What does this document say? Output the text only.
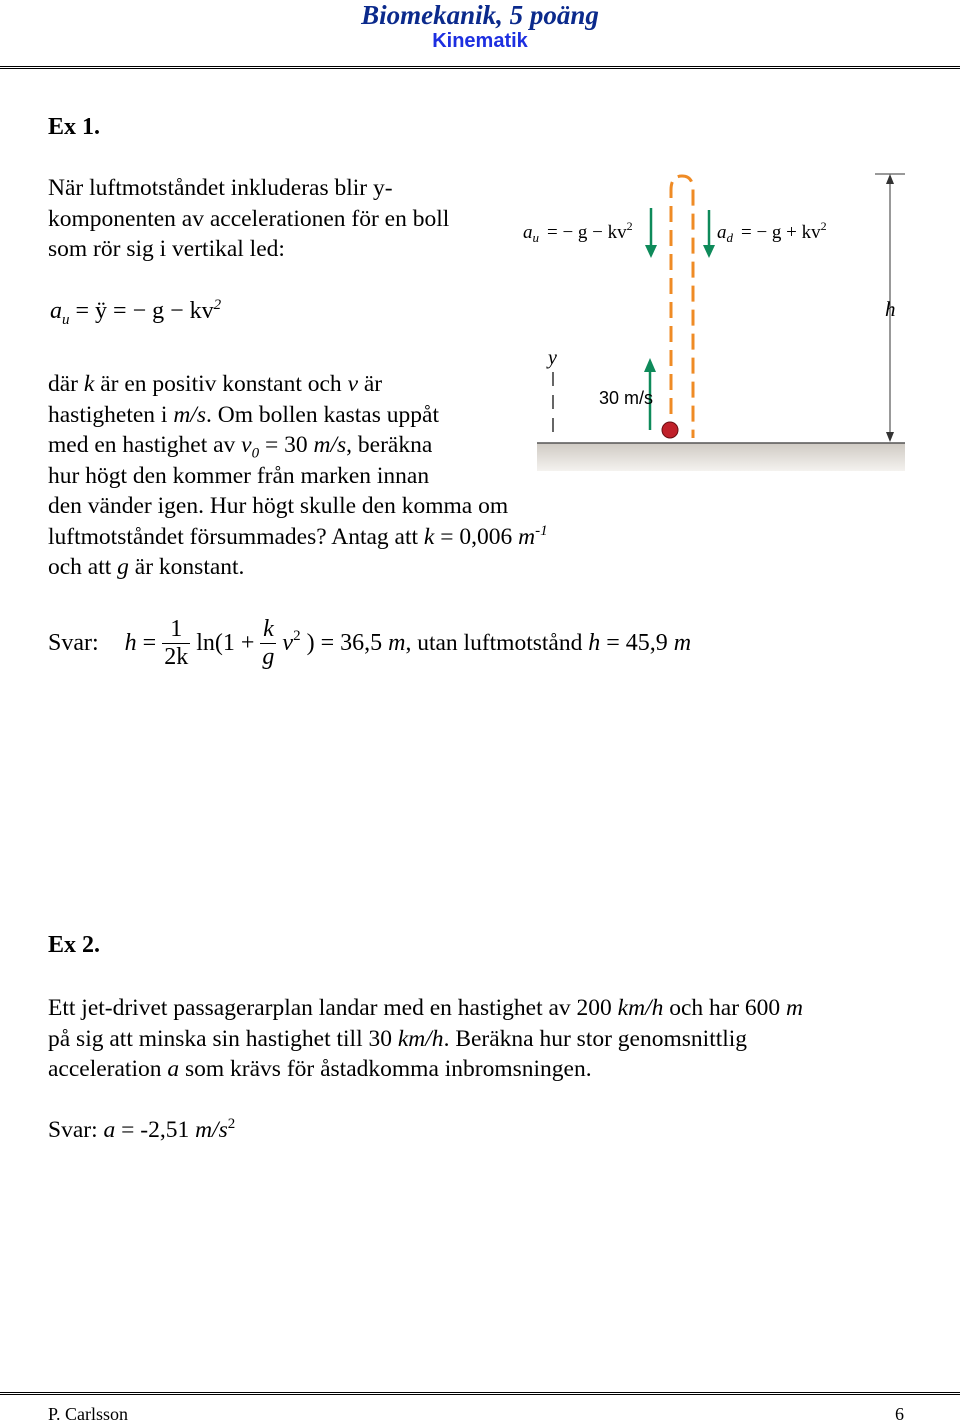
Biomekanik, 5 poäng
Kinematik
Ex 1.
När luftmotståndet inkluderas blir y-
komponenten av accelerationen för en boll
som rör sig i vertikal led:
$a_u$ = ÿ = − $g - kv^2$
där k är en positiv konstant och v är
hastigheten i m/s. Om bollen kastas uppåt
med en hastighet av $v_0 = 30$ m/s, beräkna
hur högt den kommer från marken innan
den vänder igen. Hur högt skulle den komma om
luftmotståndet försummades? Antag att k = 0,006 $m^{-1}$
och att g är konstant.
Svar: $h = \frac{1}{2k} \ln(1 + \frac{k}{g} v^2$ ) = 36,5 m, utan luftmotstånd h = 45,9 m
h
y
30 m/s
$a_u$ = − $g - kv^2$	$a_d$ = − $g + kv^2$
Ex 2.
Ett jet-drivet passagerarplan landar med en hastighet av 200 km/h och har 600 m
på sig att minska sin hastighet till 30 km/h. Beräkna hur stor genomsnittlig
acceleration a som krävs för åstadkomma inbromsningen.
Svar: a = -2,51 $m/s^2$
P. Carlsson	6
